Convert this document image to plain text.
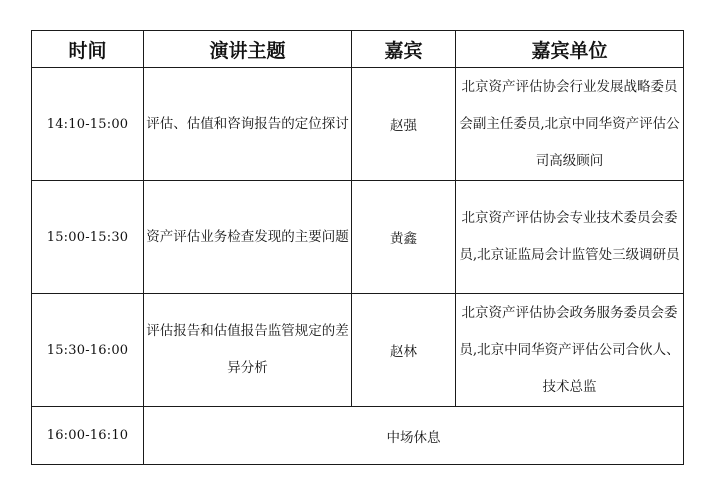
时间	演讲主题	嘉宾	嘉宾单位
14:10-15:00	评估、估值和咨询报告的定位探讨	赵强	北京资产评估协会行业发展战略委员会副主任委员,北京中同华资产评估公司高级顾问
15:00-15:30	资产评估业务检查发现的主要问题	黄鑫	北京资产评估协会专业技术委员会委员,北京证监局会计监管处三级调研员
15:30-16:00	评估报告和估值报告监管规定的差异分析	赵林	北京资产评估协会政务服务委员会委员,北京中同华资产评估公司合伙人、技术总监
16:00-16:10	中场休息		
